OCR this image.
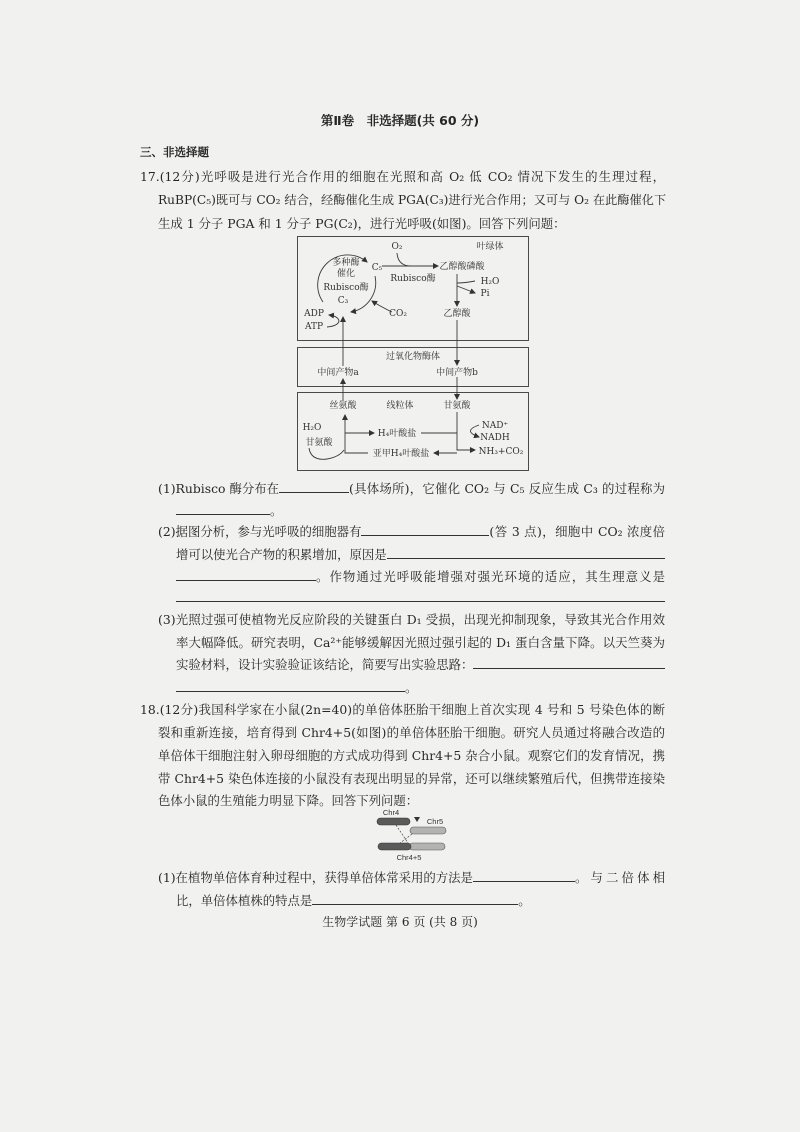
第Ⅱ卷　非选择题(共 60 分)
三、非选择题
17.(12分)光呼吸是进行光合作用的细胞在光照和高 O₂ 低 CO₂ 情况下发生的生理过程，
RuBP(C₅)既可与 CO₂ 结合，经酶催化生成 PGA(C₃)进行光合作用；又可与 O₂ 在此酶催化下
生成 1 分子 PGA 和 1 分子 PG(C₂)，进行光呼吸(如图)。回答下列问题：
O₂	叶绿体
多种酶
催化
C₅
Rubisco酶
乙醇酸磷酸
Rubisco酶
C₃
H₂O
Pi
ADP
ATP
CO₂	乙醇酸
过氧化物酶体
中间产物a	中间产物b
丝氨酸	线粒体	甘氨酸
NAD⁺
NADH
H₂O
甘氨酸
H₄叶酸盐
亚甲H₄叶酸盐	NH₃+CO₂
(1)Rubisco 酶分布在	(具体场所)，它催化 CO₂ 与 C₅ 反应生成 C₃ 的过程称为
。
(2)据图分析，参与光呼吸的细胞器有	(答 3 点)，细胞中 CO₂ 浓度倍
增可以使光合产物的积累增加，原因是
。作物通过光呼吸能增强对强光环境的适应，其生理意义是
(3)光照过强可使植物光反应阶段的关键蛋白 D₁ 受损，出现光抑制现象，导致其光合作用效
率大幅降低。研究表明，Ca²⁺能够缓解因光照过强引起的 D₁ 蛋白含量下降。以天竺葵为
实验材料，设计实验验证该结论，简要写出实验思路：
。
18.(12分)我国科学家在小鼠(2n=40)的单倍体胚胎干细胞上首次实现 4 号和 5 号染色体的断
裂和重新连接，培育得到 Chr4+5(如图)的单倍体胚胎干细胞。研究人员通过将融合改造的
单倍体干细胞注射入卵母细胞的方式成功得到 Chr4+5 杂合小鼠。观察它们的发育情况，携
带 Chr4+5 染色体连接的小鼠没有表现出明显的异常，还可以继续繁殖后代，但携带连接染
色体小鼠的生殖能力明显下降。回答下列问题：
Chr4
Chr5
Chr4+5
(1)在植物单倍体育种过程中，获得单倍体常采用的方法是	。与二倍体相
比，单倍体植株的特点是	。
生物学试题 第 6 页 (共 8 页)
